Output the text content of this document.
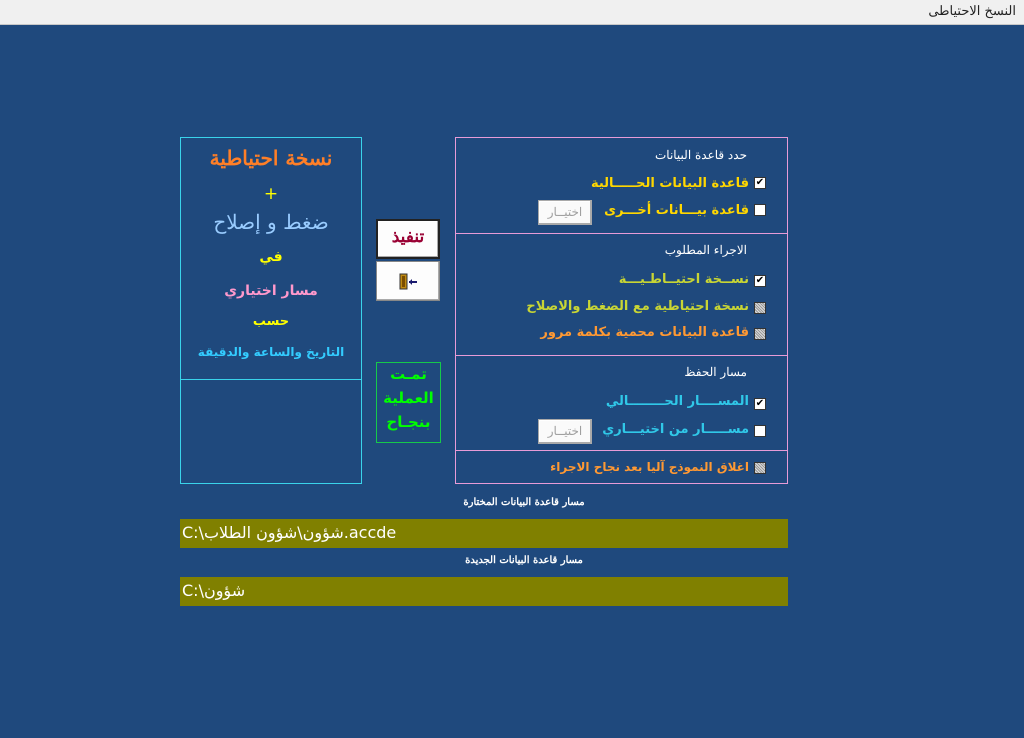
النسخ الاحتياطى
نسخة احتياطية
+
ضغط و إصلاح
في
مسار اختياري
حسب
التاريخ والساعة والدقيقة
تنفيذ
تمـت
العملية
بنجـاح
حدد قاعدة البيانات
قاعدة البيانات الحـــــالية
✔
قاعدة بيـــانات أخـــرى
اختيــار
الاجراء المطلوب
نســخة احتيــاطـيـــة
✔
نسخة احتياطية مع الضغط والاصلاح
قاعدة البيانات محمية بكلمة مرور
مسار الحفظ
المســــار الحــــــــالي
✔
مســـــار من اختيـــاري
اختيــار
اغلاق النموذج آليا بعد نجاح الاجراء
مسار قاعدة البيانات المختارة
C:\شؤون\شؤون الطلاب.accde
مسار قاعدة البيانات الجديدة
C:\شؤون
